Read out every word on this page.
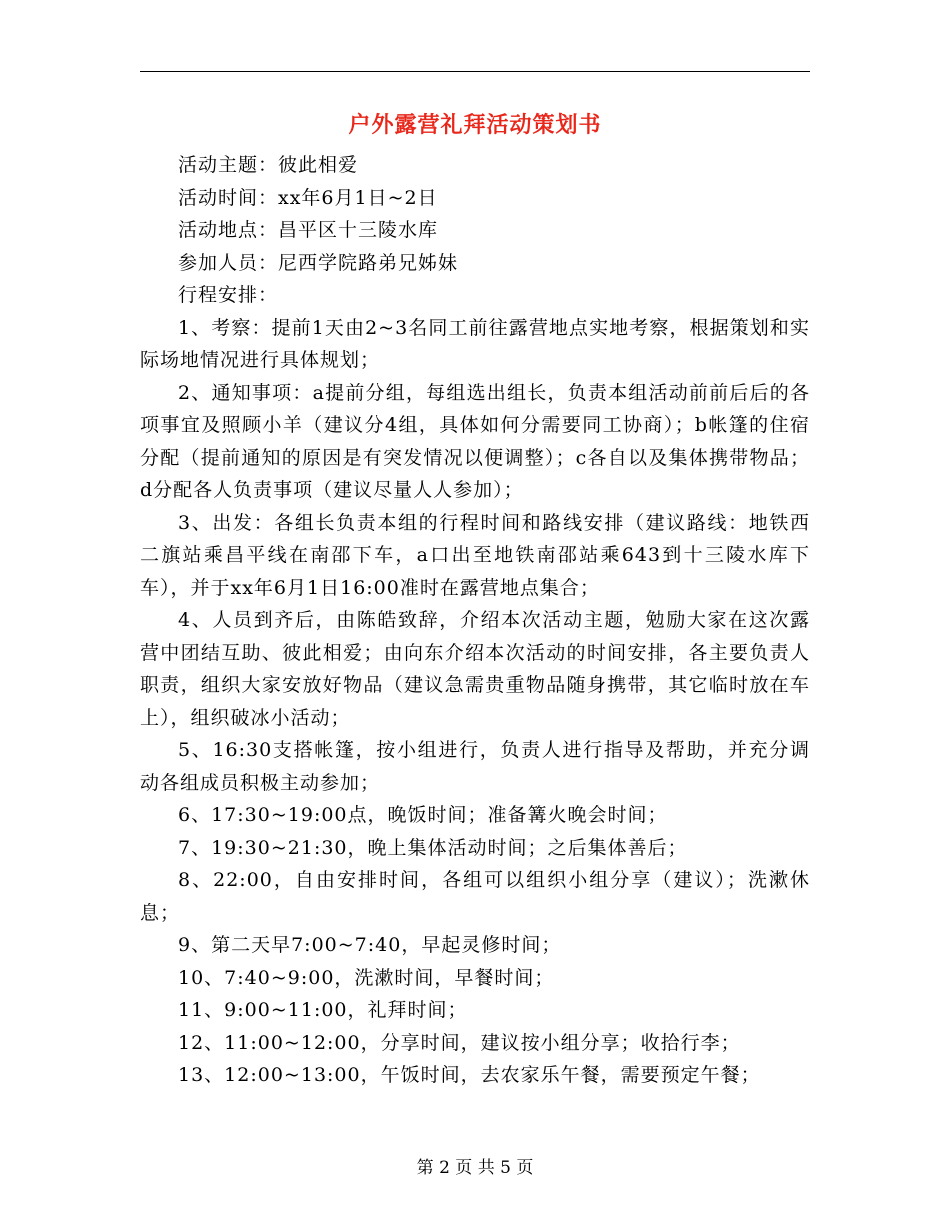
户外露营礼拜活动策划书

活动主题：彼此相爱

活动时间：xx年6月1日~2日

活动地点：昌平区十三陵水库

参加人员：尼西学院路弟兄姊妹

行程安排：

1、考察：提前1天由2~3名同工前往露营地点实地考察，根据策划和实际场地情况进行具体规划；

2、通知事项：a提前分组，每组选出组长，负责本组活动前前后后的各项事宜及照顾小羊（建议分4组，具体如何分需要同工协商）；b帐篷的住宿分配（提前通知的原因是有突发情况以便调整）；c各自以及集体携带物品；d分配各人负责事项（建议尽量人人参加）；

3、出发：各组长负责本组的行程时间和路线安排（建议路线：地铁西二旗站乘昌平线在南邵下车，a口出至地铁南邵站乘643到十三陵水库下车），并于xx年6月1日16:00准时在露营地点集合；

4、人员到齐后，由陈皓致辞，介绍本次活动主题，勉励大家在这次露营中团结互助、彼此相爱；由向东介绍本次活动的时间安排，各主要负责人职责，组织大家安放好物品（建议急需贵重物品随身携带，其它临时放在车上），组织破冰小活动；

5、16:30支搭帐篷，按小组进行，负责人进行指导及帮助，并充分调动各组成员积极主动参加；

6、17:30~19:00点，晚饭时间；准备篝火晚会时间；

7、19:30~21:30，晚上集体活动时间；之后集体善后；

8、22:00，自由安排时间，各组可以组织小组分享（建议）；洗漱休息；

9、第二天早7:00~7:40，早起灵修时间；

10、7:40~9:00，洗漱时间，早餐时间；

11、9:00~11:00，礼拜时间；

12、11:00~12:00，分享时间，建议按小组分享；收拾行李；

13、12:00~13:00，午饭时间，去农家乐午餐，需要预定午餐；

第 2 页 共 5 页
